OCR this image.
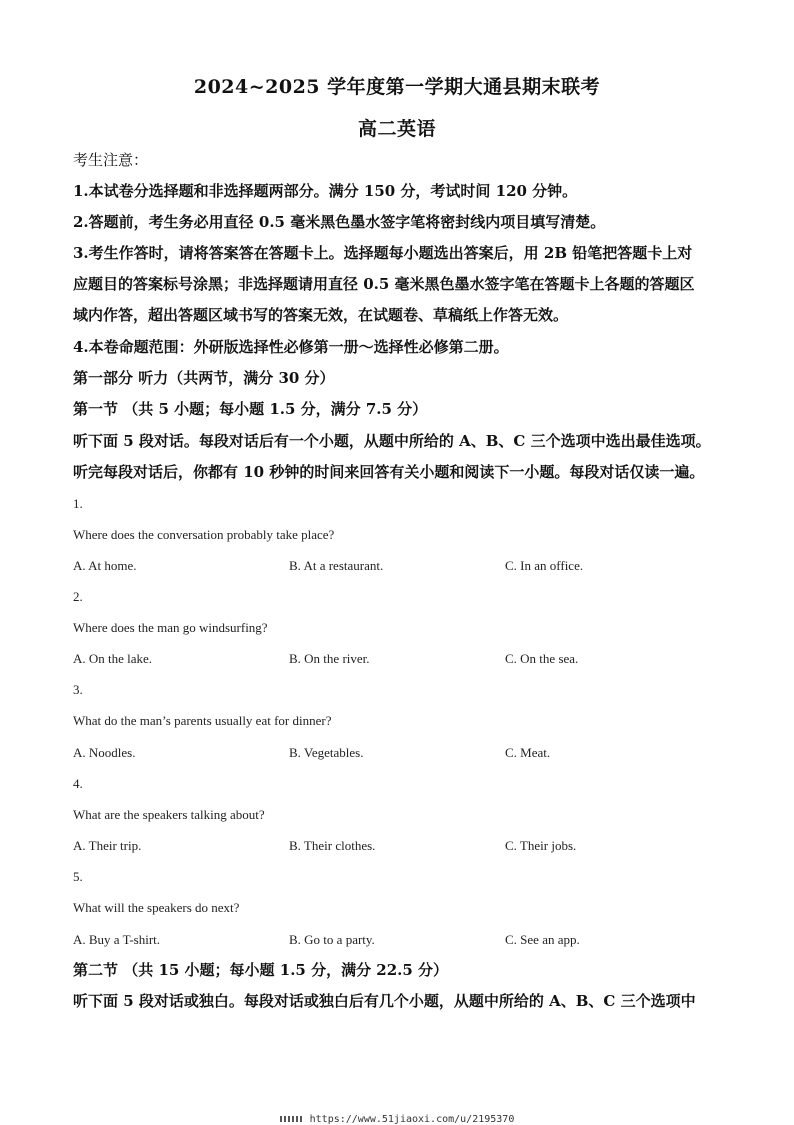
2024~2025 学年度第一学期大通县期末联考
高二英语
考生注意：
1.本试卷分选择题和非选择题两部分。满分 150 分，考试时间 120 分钟。
2.答题前，考生务必用直径 0.5 毫米黑色墨水签字笔将密封线内项目填写清楚。
3.考生作答时，请将答案答在答题卡上。选择题每小题选出答案后，用 2B 铅笔把答题卡上对
应题目的答案标号涂黑；非选择题请用直径 0.5 毫米黑色墨水签字笔在答题卡上各题的答题区
域内作答，超出答题区域书写的答案无效，在试题卷、草稿纸上作答无效。
4.本卷命题范围：外研版选择性必修第一册～选择性必修第二册。
第一部分 听力（共两节，满分 30 分）
第一节 （共 5 小题；每小题 1.5 分，满分 7.5 分）
听下面 5 段对话。每段对话后有一个小题，从题中所给的 A、B、C 三个选项中选出最佳选项。
听完每段对话后，你都有 10 秒钟的时间来回答有关小题和阅读下一小题。每段对话仅读一遍。
1.
Where does the conversation probably take place?
A. At home.	B. At a restaurant.	C. In an office.
2.
Where does the man go windsurfing?
A. On the lake.	B. On the river.	C. On the sea.
3.
What do the man’s parents usually eat for dinner?
A. Noodles.	B. Vegetables.	C. Meat.
4.
What are the speakers talking about?
A. Their trip.	B. Their clothes.	C. Their jobs.
5.
What will the speakers do next?
A. Buy a T-shirt.	B. Go to a party.	C. See an app.
第二节 （共 15 小题；每小题 1.5 分，满分 22.5 分）
听下面 5 段对话或独白。每段对话或独白后有几个小题，从题中所给的 A、B、C 三个选项中
https://www.51jiaoxi.com/u/2195370
